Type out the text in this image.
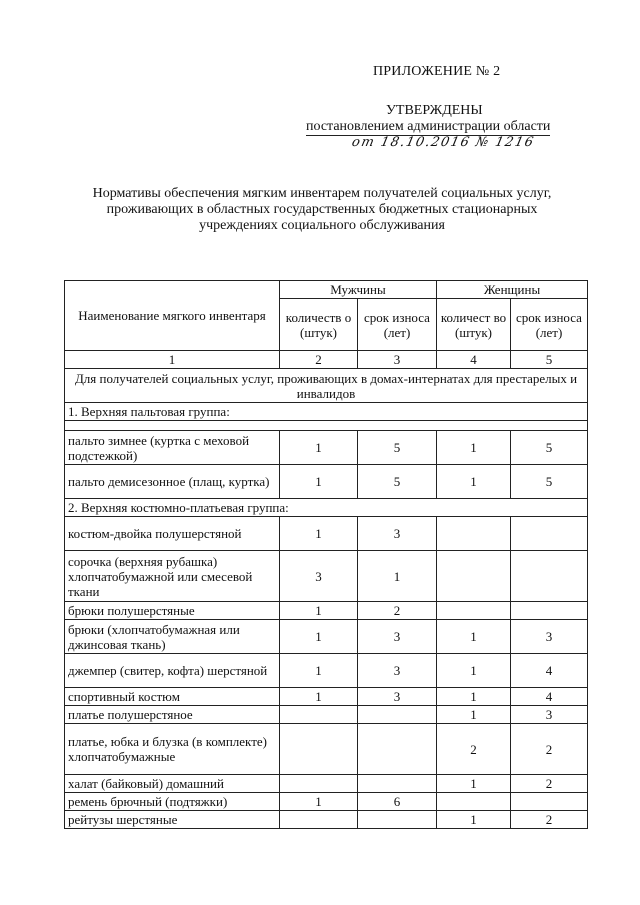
ПРИЛОЖЕНИЕ № 2
УТВЕРЖДЕНЫ
постановлением администрации области
от 18.10.2016 № 1216
Нормативы обеспечения мягким инвентарем получателей социальных услуг,
проживающих в областных государственных бюджетных стационарных
учреждениях социального обслуживания
Наименование мягкого инвентаря	Мужчины		Женщины	
	количеств о (штук)	срок износа (лет)	количест во (штук)	срок износа (лет)
1	2	3	4	5
Для получателей социальных услуг, проживающих в домах-интернатах для престарелых и инвалидов				
1. Верхняя пальтовая группа:				

пальто зимнее (куртка с меховой подстежкой)	1	5	1	5
пальто демисезонное (плащ, куртка)	1	5	1	5
2. Верхняя костюмно-платьевая группа:				
костюм-двойка полушерстяной	1	3		
сорочка (верхняя рубашка) хлопчатобумажной или смесевой ткани	3	1		
брюки полушерстяные	1	2		
брюки (хлопчатобумажная или джинсовая ткань)	1	3	1	3
джемпер (свитер, кофта) шерстяной	1	3	1	4
спортивный костюм	1	3	1	4
платье полушерстяное			1	3
платье, юбка и блузка (в комплекте) хлопчатобумажные			2	2
халат (байковый) домашний			1	2
ремень брючный (подтяжки)	1	6		
рейтузы шерстяные			1	2
